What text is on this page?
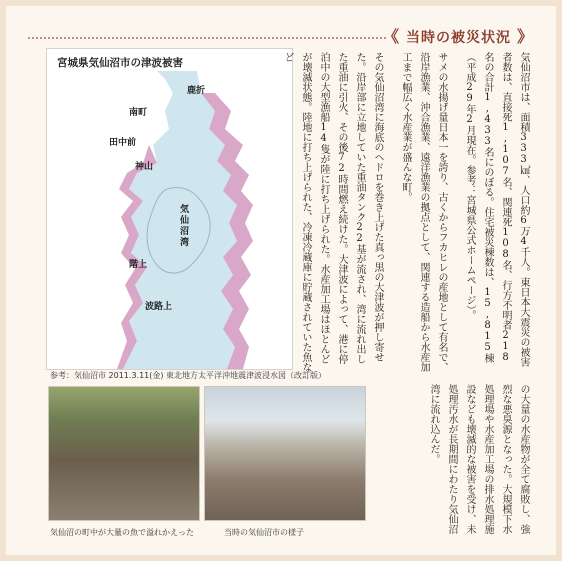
《 当時の被災状況 》
宮城県気仙沼市の津波被害
鹿折
南町
田中前
神山
気仙沼湾
階上
波路上
参考：気仙沼市 2011.3.11(金) 東北地方太平洋沖地震津波浸水図（改訂版）

気仙沼市は、面積333㎢、人口約6万4千人。東日本大震災の被害者数は、直接死1,107名、関連死108名、行方不明者218名の合計1,433名にのぼる。住宅被災棟数は、15,815棟（平成29年2月現在。参考：宮城県公式ホームページ）。

サメの水揚げ量日本一を誇り、古くからフカヒレの産地として有名で、沿岸漁業、沖合漁業、遠洋漁業の拠点として、関連する造船から水産加工まで幅広く水産業が盛んな町。

その気仙沼湾に海底のヘドロを巻き上げた真っ黒の大津波が押し寄せた。沿岸部に立地していた重油タンク22基が流され、湾に流れ出した重油に引火、その後72時間燃え続けた。大津波によって、港に停泊中の大型漁船14隻が陸に打ち上げられた。水産加工場はほとんどが壊滅状態。陸地に打ち上げられた、冷凍冷蔵庫に貯蔵されていた魚など

気仙沼の町中が大量の魚で溢れかえった	当時の気仙沼市の様子	の大量の水産物が全て腐敗し、強烈な悪臭源となった。大規模下水処理場や水産加工場の排水処理施設なども壊滅的な被害を受け、未処理汚水が長期間にわたり気仙沼湾に流れ込んだ。
